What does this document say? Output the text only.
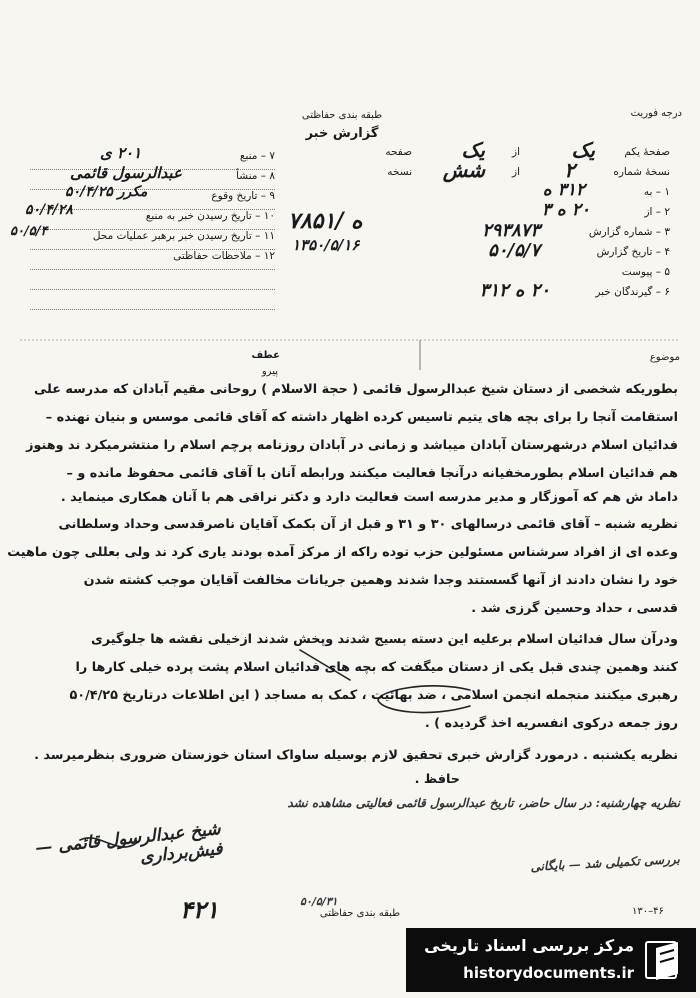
درجه فوریت
طبقه بندی حفاظتی
گزارش خبر
صفحهٔ یکم
یک
از
یک
صفحه
نسخهٔ شماره
۲
از
شش
نسخه
۱ – به
۳۱۲ ه
۲ – از
۲۰ ه ۳
۳ – شماره گزارش
۲۹۳۸۷۳
۴ – تاریخ گزارش
۵۰/۵/۷
۵ – پیوست
۶ – گیرندگان خبر
۲۰ ه ۳۱۲
۷ – منبع
۲۰۱ ی
۸ – منشأ
عبدالرسول قائمی
۹ – تاریخ وقوع
مکرر ۵۰/۴/۲۵
۱۰ – تاریخ رسیدن خبر به منبع
۵۰/۴/۲۸
۱۱ – تاریخ رسیدن خبر برهبر عملیات محل
۵۰/۵/۴
۱۲ – ملاحظات حفاظتی
۷۸۵۱/ ه
۱۳۵۰/۵/۱۶
عطف
پیرو
موضوع
بطوریکه شخصی از دستان شیخ عبدالرسول قائمی ( حجة الاسلام ) روحانی مقیم آبادان که مدرسه علی
استقامت آنجا را برای بچه های یتیم تاسیس کرده اظهار داشته که آقای قائمی موسس و بنیان نهنده –
فدائیان اسلام درشهرستان آبادان میباشد و زمانی در آبادان روزنامه پرچم اسلام را منتشرمیکرد ند وهنوز
هم فدائیان اسلام بطورمخفیانه درآنجا فعالیت میکنند ورابطه آنان با آقای قائمی محفوظ مانده و –
داماد ش هم که آموزگار و مدیر مدرسه است فعالیت دارد و دکتر نراقی هم با آنان همکاری مینماید .
نظریه شنبه – آقای قائمی درسالهای ۳۰ و ۳۱ و قبل از آن بکمک آقایان ناصرقدسی وحداد وسلطانی
وعده ای از افراد سرشناس مسئولین حزب توده راکه از مرکز آمده بودند یاری کرد ند ولی بعللی چون ماهیت
خود را نشان دادند از آنها گسستند وجدا شدند وهمین جریانات مخالفت آقایان موجب کشته شدن
قدسی ، حداد وحسین گرزی شد .
ودرآن سال فدائیان اسلام برعلیه این دسته بسیج شدند وپخش شدند ازخیلی نقشه ها جلوگیری
کنند وهمین چندی قبل یکی از دستان میگفت که بچه های فدائیان اسلام پشت پرده خیلی کارها را
رهبری میکنند منجمله انجمن اسلامی ، ضد بهائیت ، کمک به مساجد ( این اطلاعات درتاریخ ۵۰/۴/۲۵
روز جمعه درکوی انفسریه اخذ گردیده ) .
نظریه یکشنبه . درمورد گزارش خبری تحقیق لازم بوسیله ساواک استان خوزستان ضروری بنظرمیرسد .
حافظ .
نظریه چهارشنبه: در سال حاضر، تاریخ عبدالرسول قائمی فعالیتی مشاهده نشد
شیخ عبدالرسول قائمی — فیش‌برداری	بررسی تکمیلی شد — بایگانی
۵۰/۵/۳۱
۴۲۱	طبقه بندی حفاظتی	۱۳۰–۴۶
مرکز بررسی اسناد تاریخی
historydocuments.ir
